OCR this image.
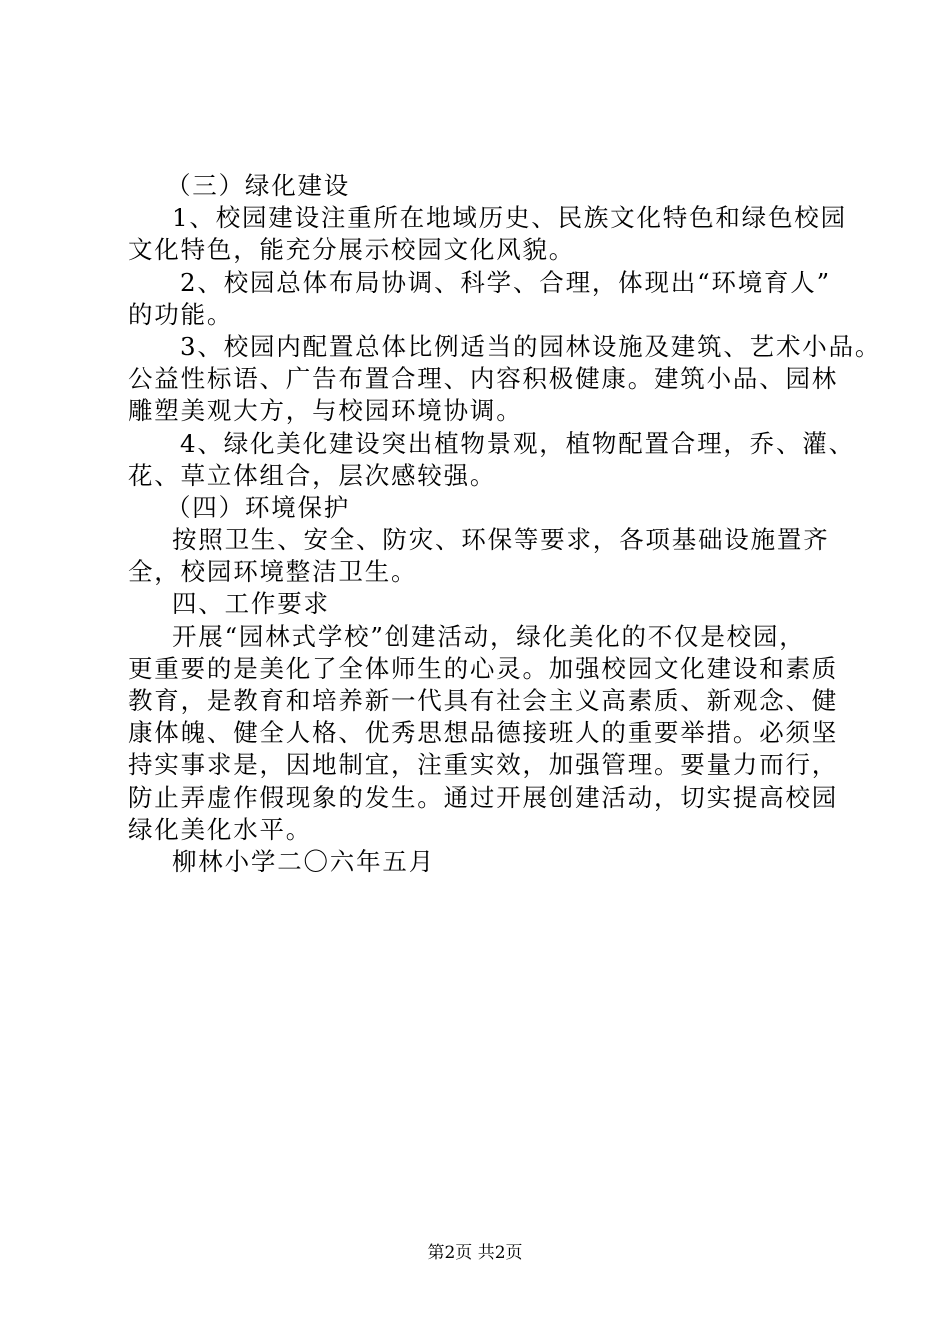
（三）绿化建设
1、校园建设注重所在地域历史、民族文化特色和绿色校园
文化特色，能充分展示校园文化风貌。
2、校园总体布局协调、科学、合理，体现出“环境育人”
的功能。
3、校园内配置总体比例适当的园林设施及建筑、艺术小品。
公益性标语、广告布置合理、内容积极健康。建筑小品、园林
雕塑美观大方，与校园环境协调。
4、绿化美化建设突出植物景观，植物配置合理，乔、灌、
花、草立体组合，层次感较强。
（四）环境保护
按照卫生、安全、防灾、环保等要求，各项基础设施置齐
全，校园环境整洁卫生。
四、工作要求
开展“园林式学校”创建活动，绿化美化的不仅是校园，
更重要的是美化了全体师生的心灵。加强校园文化建设和素质
教育，是教育和培养新一代具有社会主义高素质、新观念、健
康体魄、健全人格、优秀思想品德接班人的重要举措。必须坚
持实事求是，因地制宜，注重实效，加强管理。要量力而行，
防止弄虚作假现象的发生。通过开展创建活动，切实提高校园
绿化美化水平。
柳林小学二〇六年五月
第2页 共2页
